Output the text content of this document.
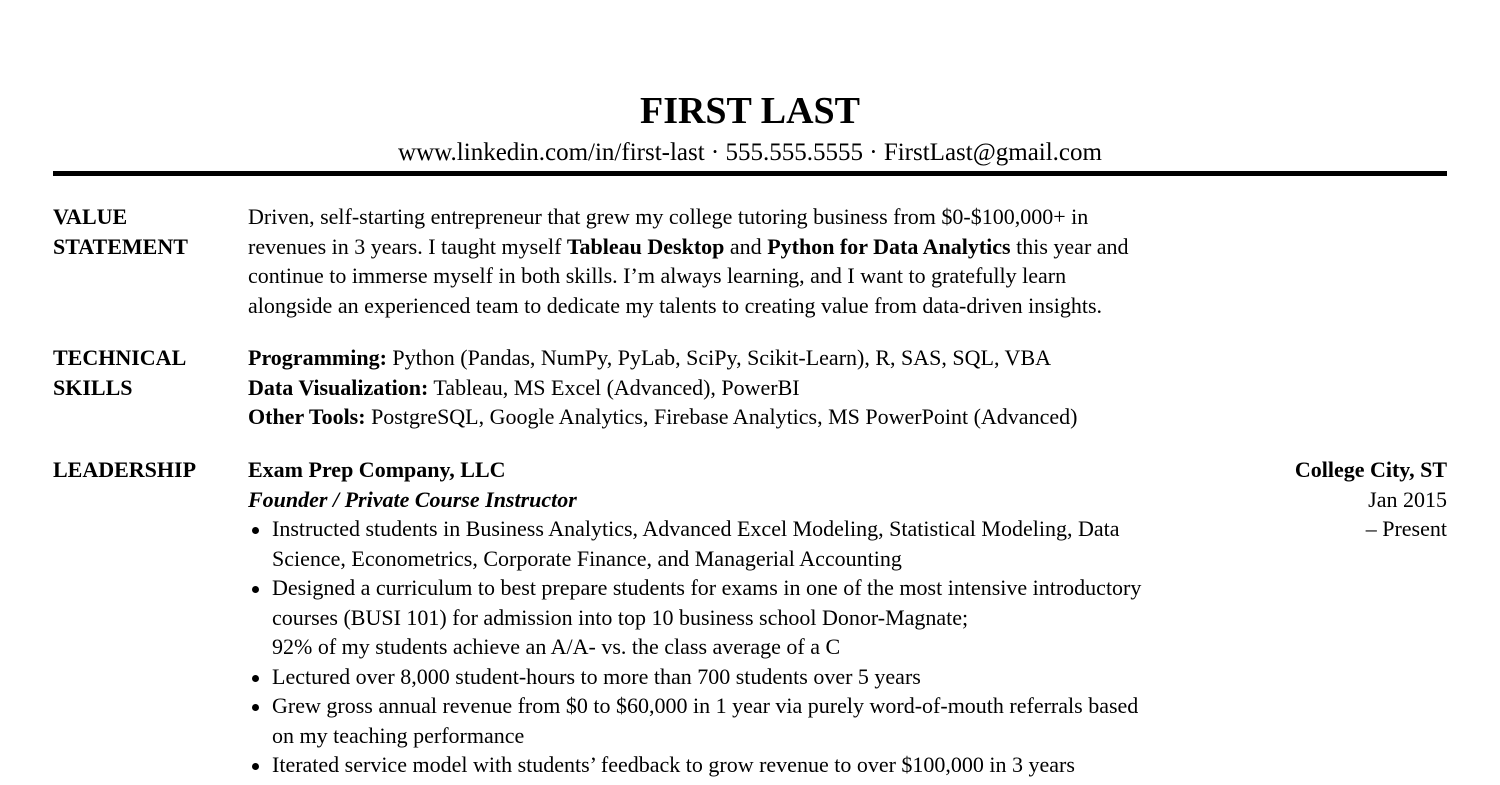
FIRST LAST
www.linkedin.com/in/first-last · 555.555.5555 · FirstLast@gmail.com
VALUE
STATEMENT
Driven, self-starting entrepreneur that grew my college tutoring business from $0-$100,000+ in
revenues in 3 years. I taught myself Tableau Desktop and Python for Data Analytics this year and
continue to immerse myself in both skills. I’m always learning, and I want to gratefully learn
alongside an experienced team to dedicate my talents to creating value from data-driven insights.
TECHNICAL
SKILLS
Programming: Python (Pandas, NumPy, PyLab, SciPy, Scikit-Learn), R, SAS, SQL, VBA
Data Visualization: Tableau, MS Excel (Advanced), PowerBI
Other Tools: PostgreSQL, Google Analytics, Firebase Analytics, MS PowerPoint (Advanced)
LEADERSHIP	Exam Prep Company, LLC
Founder / Private Course Instructor
Instructed students in Business Analytics, Advanced Excel Modeling, Statistical Modeling, Data
Science, Econometrics, Corporate Finance, and Managerial Accounting
Designed a curriculum to best prepare students for exams in one of the most intensive introductory
courses (BUSI 101) for admission into top 10 business school Donor-Magnate;
92% of my students achieve an A/A- vs. the class average of a C
Lectured over 8,000 student-hours to more than 700 students over 5 years
Grew gross annual revenue from $0 to $60,000 in 1 year via purely word-of-mouth referrals based
on my teaching performance
Iterated service model with students’ feedback to grow revenue to over $100,000 in 3 years
College City, ST
Jan 2015
– Present
